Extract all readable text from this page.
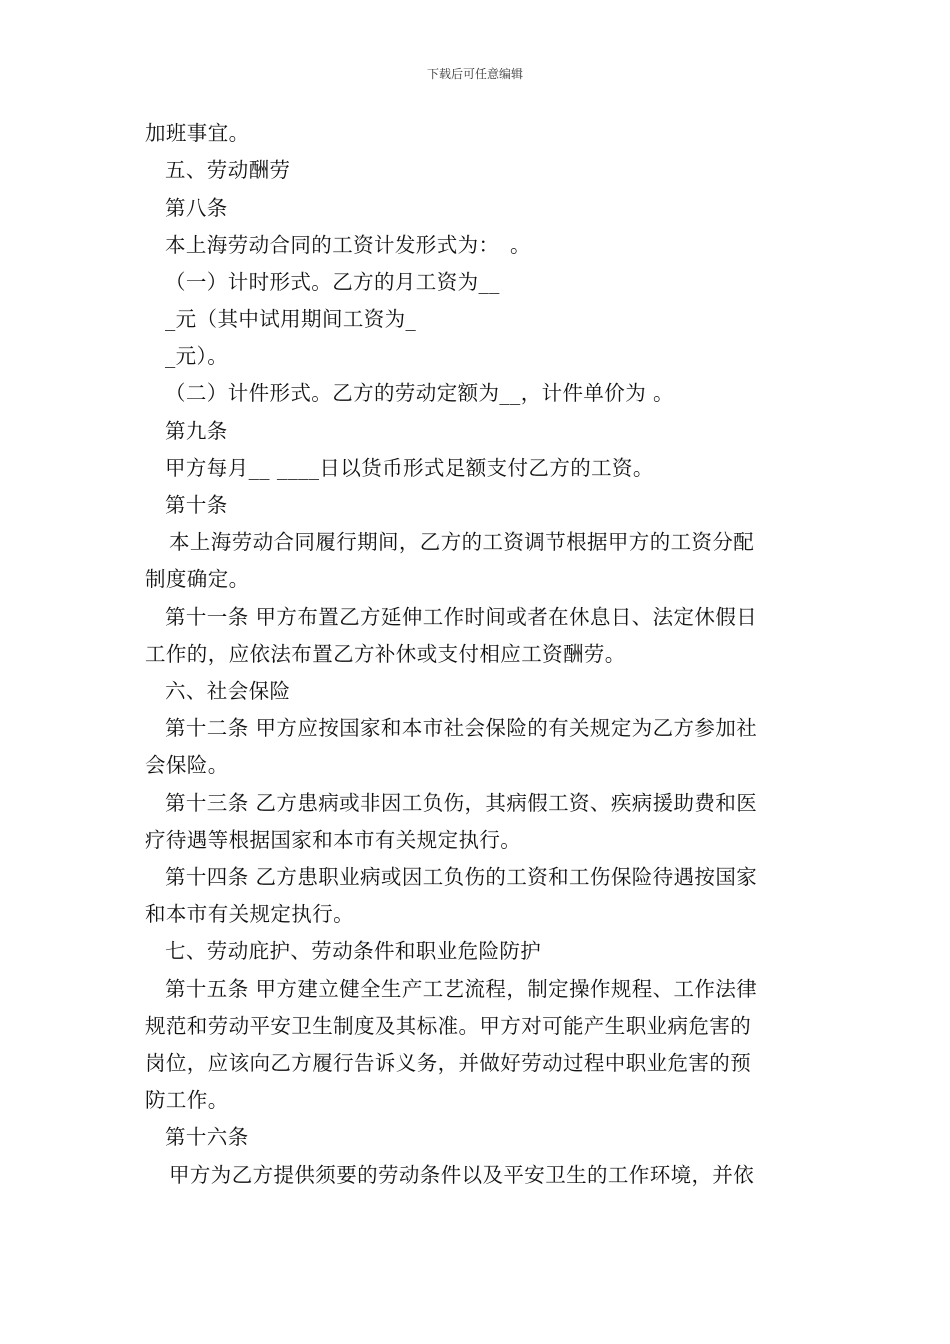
下载后可任意编辑
加班事宜。
五、劳动酬劳
第八条
本上海劳动合同的工资计发形式为：　。
（一）计时形式。乙方的月工资为__
_元（其中试用期间工资为_
_元）。
（二）计件形式。乙方的劳动定额为__，计件单价为 。
第九条
甲方每月__ ____日以货币形式足额支付乙方的工资。
第十条
本上海劳动合同履行期间，乙方的工资调节根据甲方的工资分配
制度确定。
第十一条 甲方布置乙方延伸工作时间或者在休息日、法定休假日
工作的，应依法布置乙方补休或支付相应工资酬劳。
六、社会保险
第十二条 甲方应按国家和本市社会保险的有关规定为乙方参加社
会保险。
第十三条 乙方患病或非因工负伤，其病假工资、疾病援助费和医
疗待遇等根据国家和本市有关规定执行。
第十四条 乙方患职业病或因工负伤的工资和工伤保险待遇按国家
和本市有关规定执行。
七、劳动庇护、劳动条件和职业危险防护
第十五条 甲方建立健全生产工艺流程，制定操作规程、工作法律
规范和劳动平安卫生制度及其标准。甲方对可能产生职业病危害的
岗位，应该向乙方履行告诉义务，并做好劳动过程中职业危害的预
防工作。
第十六条
甲方为乙方提供须要的劳动条件以及平安卫生的工作环境，并依
